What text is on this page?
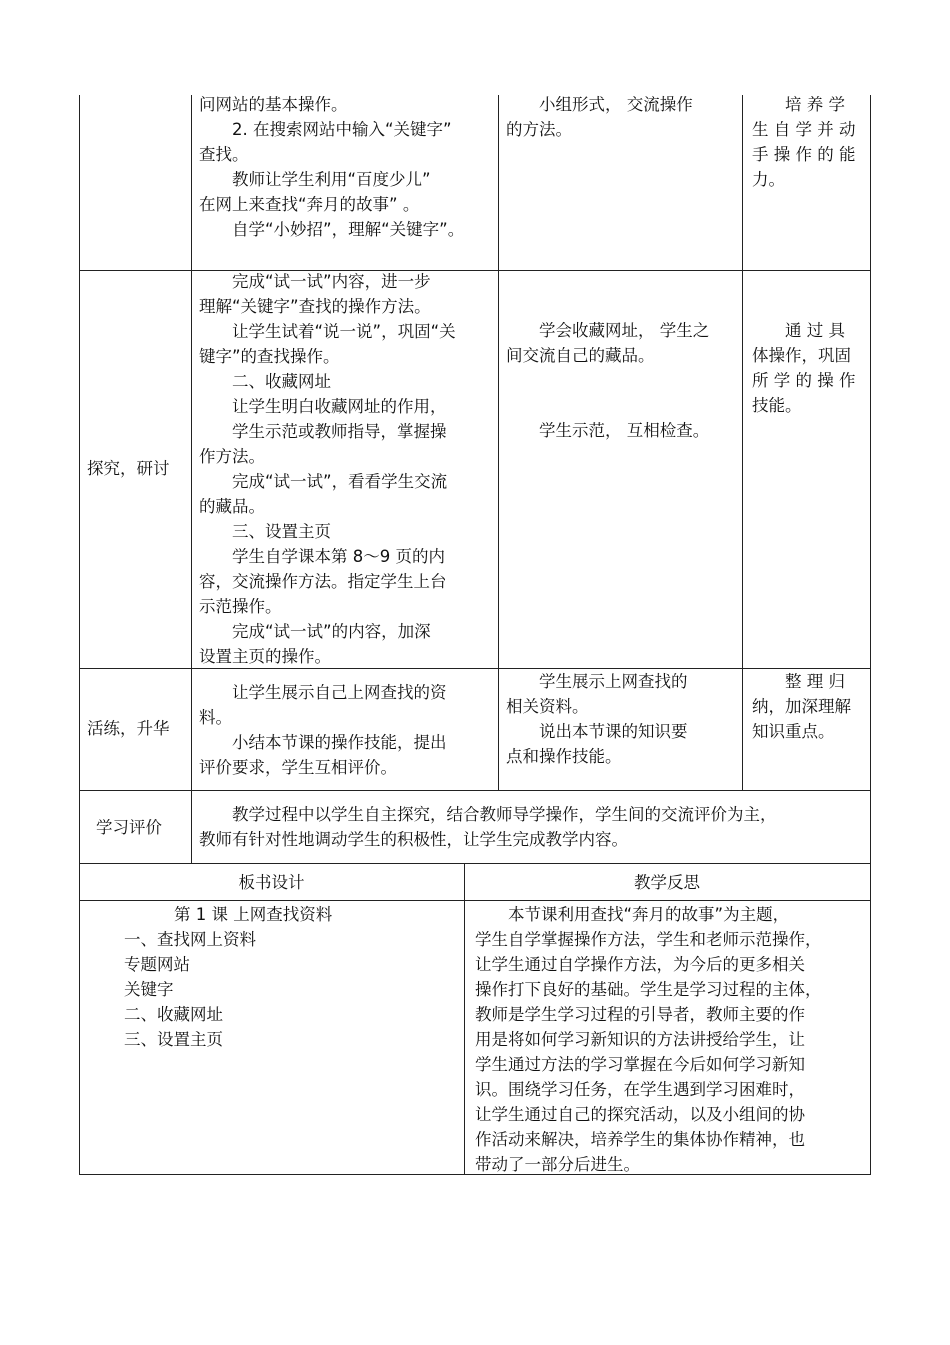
问网站的基本操作。

2. 在搜索网站中输入“关键字”

查找。

教师让学生利用“百度少儿”

在网上来查找“奔月的故事” 。

自学“小妙招”，理解“关键字”。

小组形式， 交流操作

的方法。

培 养 学

生 自 学 并 动

手 操 作 的 能

力。

探究，研讨

完成“试一试”内容，进一步

理解“关键字”查找的操作方法。

让学生试着“说一说”，巩固“关

键字”的查找操作。

二、收藏网址

让学生明白收藏网址的作用，

学生示范或教师指导，掌握操

作方法。

完成“试一试”，看看学生交流

的藏品。

三、设置主页

学生自学课本第 8～9 页的内

容，交流操作方法。指定学生上台

示范操作。

完成“试一试”的内容，加深

设置主页的操作。

学会收藏网址， 学生之

间交流自己的藏品。

学生示范， 互相检查。

通 过 具

体操作，巩固

所 学 的 操 作

技能。

活练，升华

让学生展示自己上网查找的资

料。

小结本节课的操作技能，提出

评价要求，学生互相评价。

学生展示上网查找的

相关资料。

说出本节课的知识要

点和操作技能。

整 理 归

纳，加深理解

知识重点。

学习评价

教学过程中以学生自主探究，结合教师导学操作，学生间的交流评价为主，

教师有针对性地调动学生的积极性，让学生完成教学内容。

板书设计	教学反思

第 1 课 上网查找资料

一、查找网上资料

专题网站

关键字

二、收藏网址

三、设置主页

本节课利用查找“奔月的故事”为主题，

学生自学掌握操作方法，学生和老师示范操作，

让学生通过自学操作方法，为今后的更多相关

操作打下良好的基础。学生是学习过程的主体，

教师是学生学习过程的引导者，教师主要的作

用是将如何学习新知识的方法讲授给学生，让

学生通过方法的学习掌握在今后如何学习新知

识。围绕学习任务，在学生遇到学习困难时，

让学生通过自己的探究活动，以及小组间的协

作活动来解决，培养学生的集体协作精神，也

带动了一部分后进生。
